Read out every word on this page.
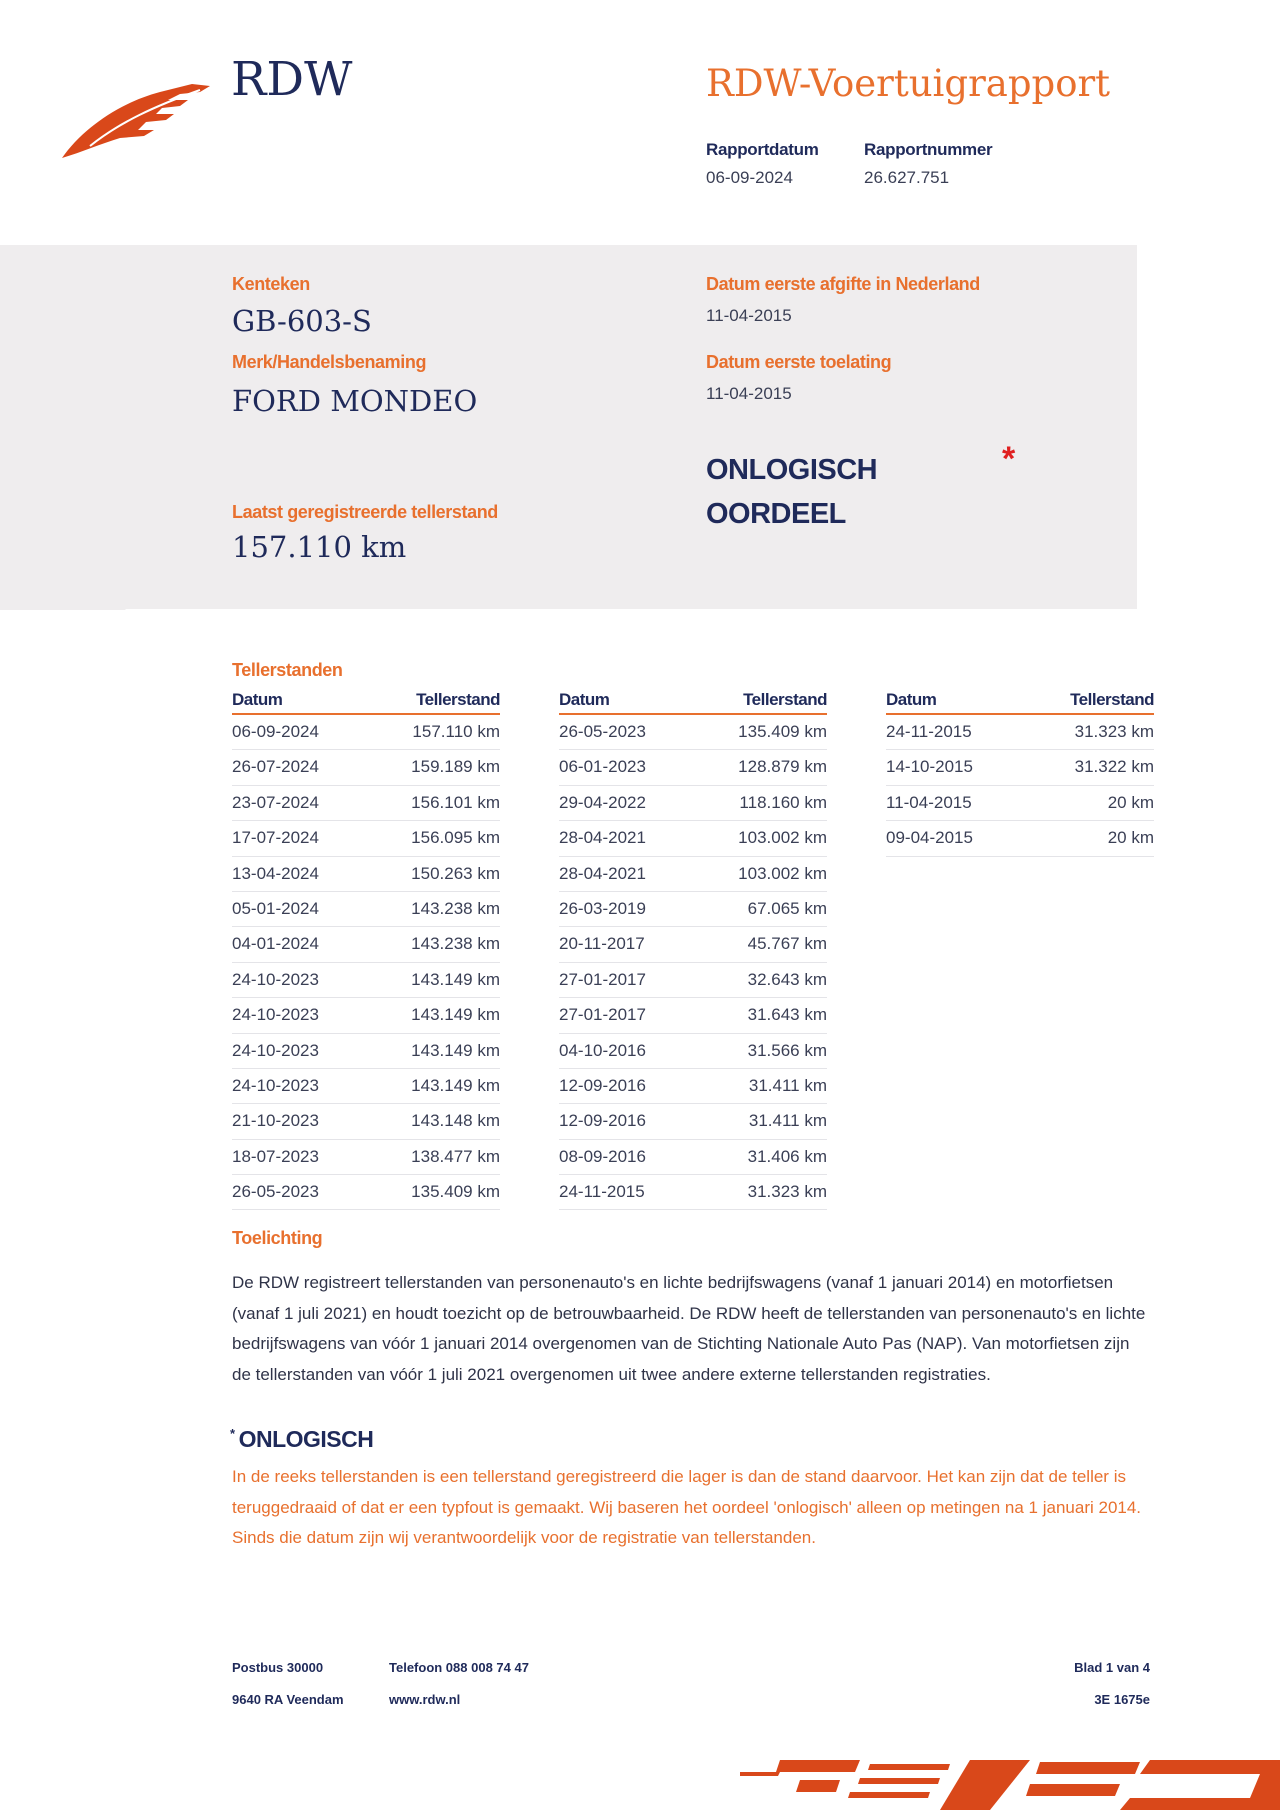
RDW	RDW-Voertuigrapport
Rapportdatum
06-09-2024
Rapportnummer
26.627.751
Kenteken
GB-603-S
Merk/Handelsbenaming
FORD MONDEO
Laatst geregistreerde tellerstand
157.110 km
Datum eerste afgifte in Nederland
11-04-2015
Datum eerste toelating
11-04-2015
ONLOGISCH
OORDEEL
*
Tellerstanden
Datum	Tellerstand
06-09-2024	157.110 km
26-07-2024	159.189 km
23-07-2024	156.101 km
17-07-2024	156.095 km
13-04-2024	150.263 km
05-01-2024	143.238 km
04-01-2024	143.238 km
24-10-2023	143.149 km
24-10-2023	143.149 km
24-10-2023	143.149 km
24-10-2023	143.149 km
21-10-2023	143.148 km
18-07-2023	138.477 km
26-05-2023	135.409 km
Datum	Tellerstand
26-05-2023	135.409 km
06-01-2023	128.879 km
29-04-2022	118.160 km
28-04-2021	103.002 km
28-04-2021	103.002 km
26-03-2019	67.065 km
20-11-2017	45.767 km
27-01-2017	32.643 km
27-01-2017	31.643 km
04-10-2016	31.566 km
12-09-2016	31.411 km
12-09-2016	31.411 km
08-09-2016	31.406 km
24-11-2015	31.323 km
Datum	Tellerstand
24-11-2015	31.323 km
14-10-2015	31.322 km
11-04-2015	20 km
09-04-2015	20 km
Toelichting
De RDW registreert tellerstanden van personenauto's en lichte bedrijfswagens (vanaf 1 januari 2014) en motorfietsen (vanaf 1 juli 2021) en houdt toezicht op de betrouwbaarheid. De RDW heeft de tellerstanden van personenauto's en lichte bedrijfswagens van vóór 1 januari 2014 overgenomen van de Stichting Nationale Auto Pas (NAP). Van motorfietsen zijn de tellerstanden van vóór 1 juli 2021 overgenomen uit twee andere externe tellerstanden registraties.
* ONLOGISCH
In de reeks tellerstanden is een tellerstand geregistreerd die lager is dan de stand daarvoor. Het kan zijn dat de teller is teruggedraaid of dat er een typfout is gemaakt. Wij baseren het oordeel 'onlogisch' alleen op metingen na 1 januari 2014. Sinds die datum zijn wij verantwoordelijk voor de registratie van tellerstanden.
Postbus 30000
9640 RA Veendam
Telefoon 088 008 74 47
www.rdw.nl
Blad 1 van 4
3E 1675e
